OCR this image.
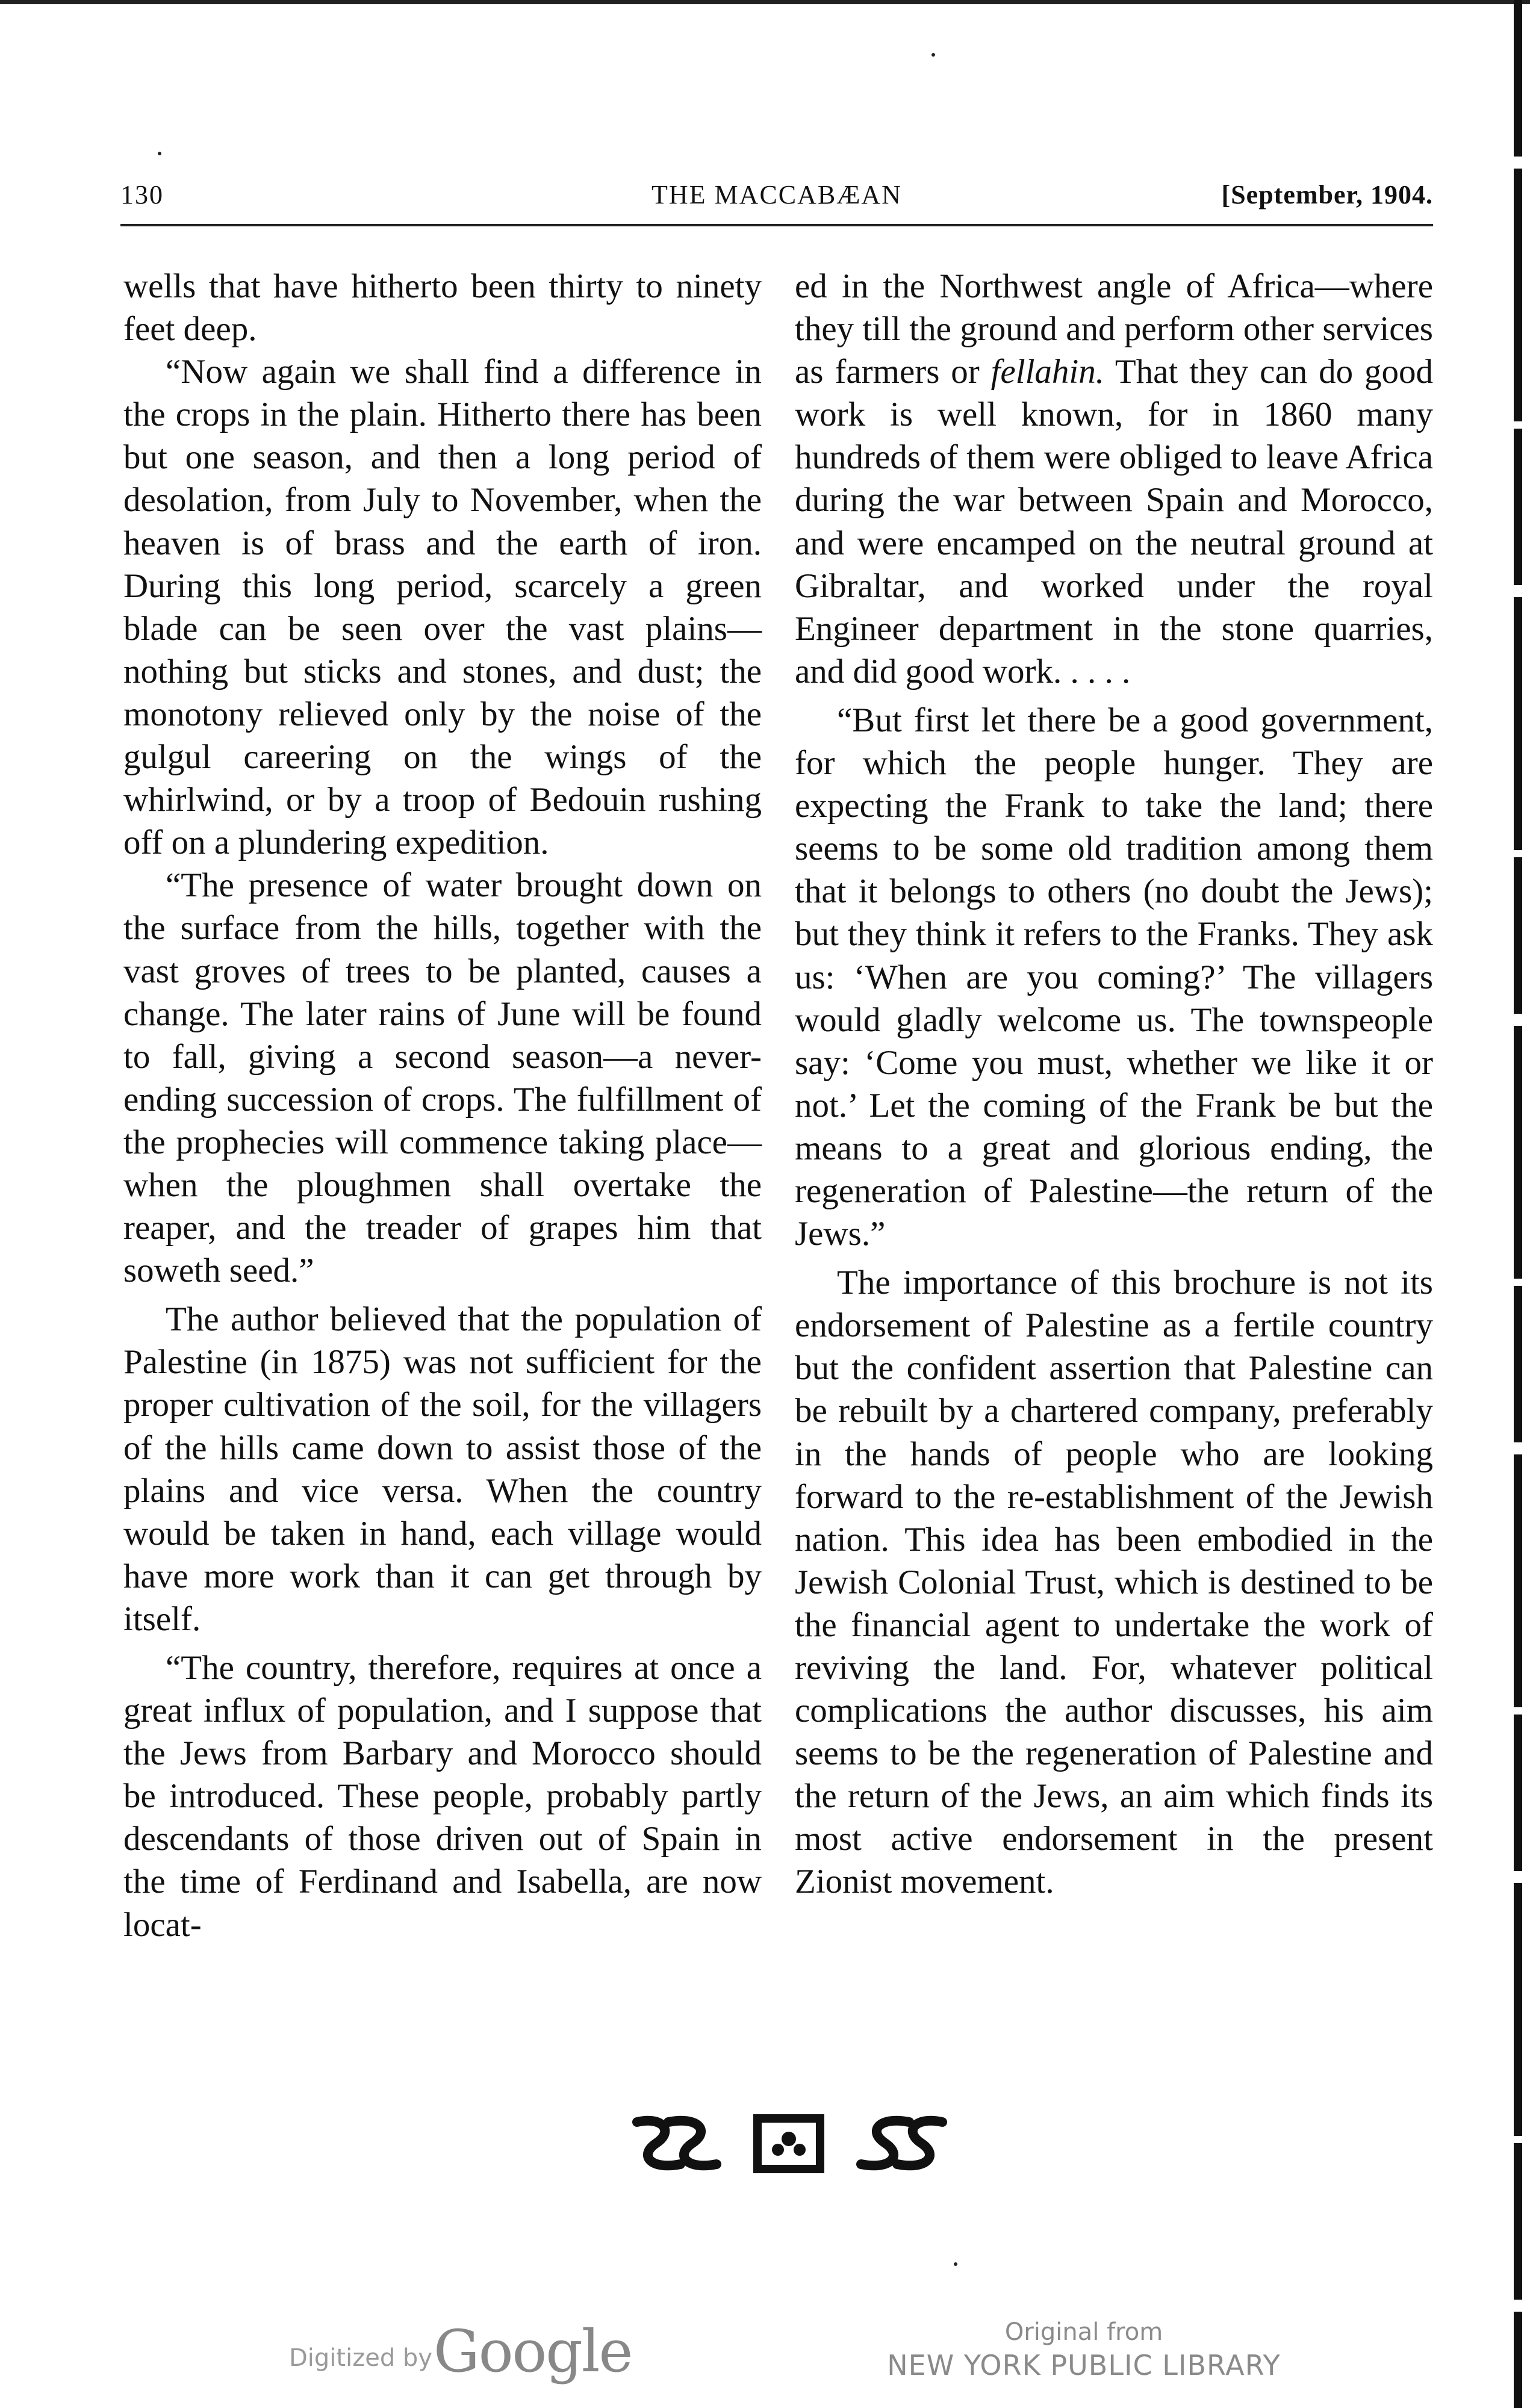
130	THE MACCABÆAN	[September, 1904.

wells that have hitherto been thirty to ninety feet deep.

“Now again we shall find a difference in the crops in the plain. Hitherto there has been but one season, and then a long period of desolation, from July to November, when the heaven is of brass and the earth of iron. During this long period, scarcely a green blade can be seen over the vast plains—nothing but sticks and stones, and dust; the monotony relieved only by the noise of the gulgul careering on the wings of the whirlwind, or by a troop of Bedouin rushing off on a plundering expedition.

“The presence of water brought down on the surface from the hills, together with the vast groves of trees to be planted, causes a change. The later rains of June will be found to fall, giving a second season—a never-ending succession of crops. The fulfillment of the prophecies will commence taking place—when the ploughmen shall overtake the reaper, and the treader of grapes him that soweth seed.”

The author believed that the population of Palestine (in 1875) was not sufficient for the proper cultivation of the soil, for the villagers of the hills came down to assist those of the plains and vice versa. When the country would be taken in hand, each village would have more work than it can get through by itself.

“The country, therefore, requires at once a great influx of population, and I suppose that the Jews from Barbary and Morocco should be introduced. These people, probably partly descendants of those driven out of Spain in the time of Ferdinand and Isabella, are now locat-

ed in the Northwest angle of Africa—where they till the ground and perform other services as farmers or fellahin. That they can do good work is well known, for in 1860 many hundreds of them were obliged to leave Africa during the war between Spain and Morocco, and were encamped on the neutral ground at Gibraltar, and worked under the royal Engineer department in the stone quarries, and did good work. . . . .

“But first let there be a good government, for which the people hunger. They are expecting the Frank to take the land; there seems to be some old tradition among them that it belongs to others (no doubt the Jews); but they think it refers to the Franks. They ask us: ‘When are you coming?’ The villagers would gladly welcome us. The townspeople say: ‘Come you must, whether we like it or not.’ Let the coming of the Frank be but the means to a great and glorious ending, the regeneration of Palestine—the return of the Jews.”

The importance of this brochure is not its endorsement of Palestine as a fertile country but the confident assertion that Palestine can be rebuilt by a chartered company, preferably in the hands of people who are looking forward to the re-establishment of the Jewish nation. This idea has been embodied in the Jewish Colonial Trust, which is destined to be the financial agent to undertake the work of reviving the land. For, whatever political complications the author discusses, his aim seems to be the regeneration of Palestine and the return of the Jews, an aim which finds its most active endorsement in the present Zionist movement.

Digitized by Google	Original from
NEW YORK PUBLIC LIBRARY
